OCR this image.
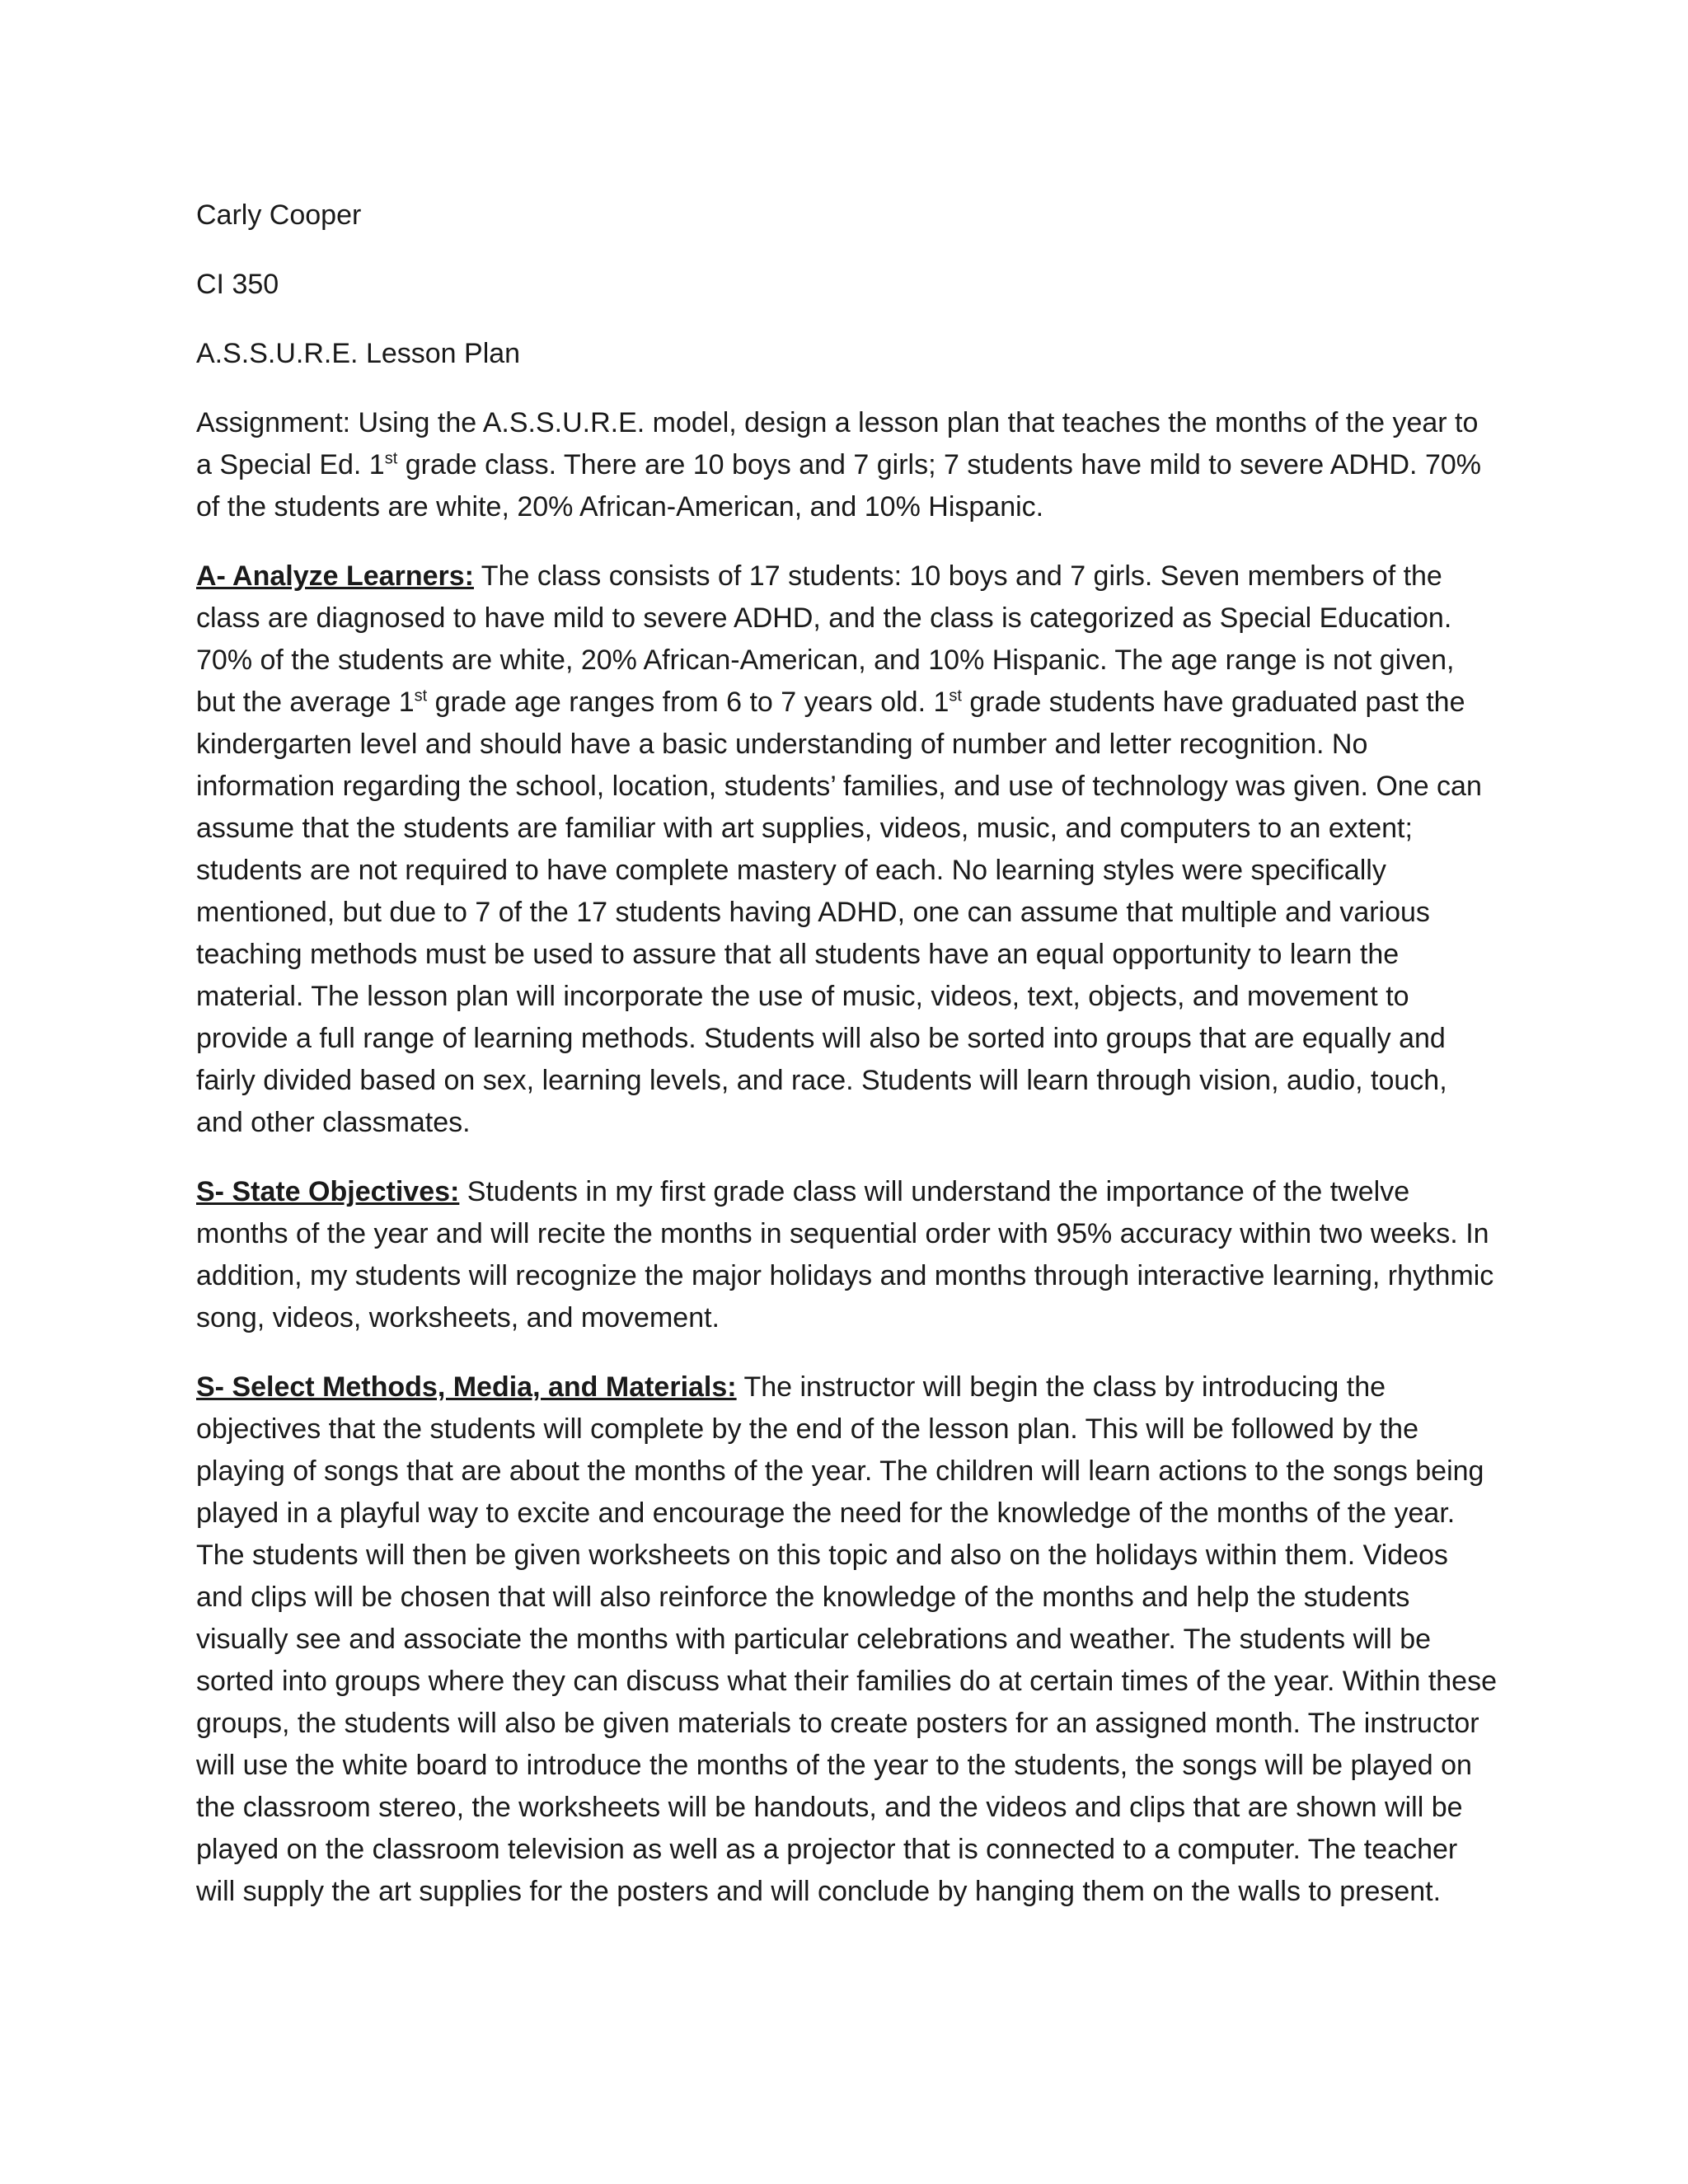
Carly Cooper

CI 350

A.S.S.U.R.E. Lesson Plan

Assignment: Using the A.S.S.U.R.E. model, design a lesson plan that teaches the months of the year to a Special Ed. 1st grade class. There are 10 boys and 7 girls; 7 students have mild to severe ADHD. 70% of the students are white, 20% African-American, and 10% Hispanic.

A- Analyze Learners: The class consists of 17 students: 10 boys and 7 girls. Seven members of the class are diagnosed to have mild to severe ADHD, and the class is categorized as Special Education. 70% of the students are white, 20% African-American, and 10% Hispanic. The age range is not given, but the average 1st grade age ranges from 6 to 7 years old. 1st grade students have graduated past the kindergarten level and should have a basic understanding of number and letter recognition. No information regarding the school, location, students’ families, and use of technology was given. One can assume that the students are familiar with art supplies, videos, music, and computers to an extent; students are not required to have complete mastery of each. No learning styles were specifically mentioned, but due to 7 of the 17 students having ADHD, one can assume that multiple and various teaching methods must be used to assure that all students have an equal opportunity to learn the material. The lesson plan will incorporate the use of music, videos, text, objects, and movement to provide a full range of learning methods. Students will also be sorted into groups that are equally and fairly divided based on sex, learning levels, and race. Students will learn through vision, audio, touch, and other classmates.

S- State Objectives: Students in my first grade class will understand the importance of the twelve months of the year and will recite the months in sequential order with 95% accuracy within two weeks. In addition, my students will recognize the major holidays and months through interactive learning, rhythmic song, videos, worksheets, and movement.

S- Select Methods, Media, and Materials: The instructor will begin the class by introducing the objectives that the students will complete by the end of the lesson plan. This will be followed by the playing of songs that are about the months of the year. The children will learn actions to the songs being played in a playful way to excite and encourage the need for the knowledge of the months of the year. The students will then be given worksheets on this topic and also on the holidays within them. Videos and clips will be chosen that will also reinforce the knowledge of the months and help the students visually see and associate the months with particular celebrations and weather. The students will be sorted into groups where they can discuss what their families do at certain times of the year. Within these groups, the students will also be given materials to create posters for an assigned month. The instructor will use the white board to introduce the months of the year to the students, the songs will be played on the classroom stereo, the worksheets will be handouts, and the videos and clips that are shown will be played on the classroom television as well as a projector that is connected to a computer. The teacher will supply the art supplies for the posters and will conclude by hanging them on the walls to present.
